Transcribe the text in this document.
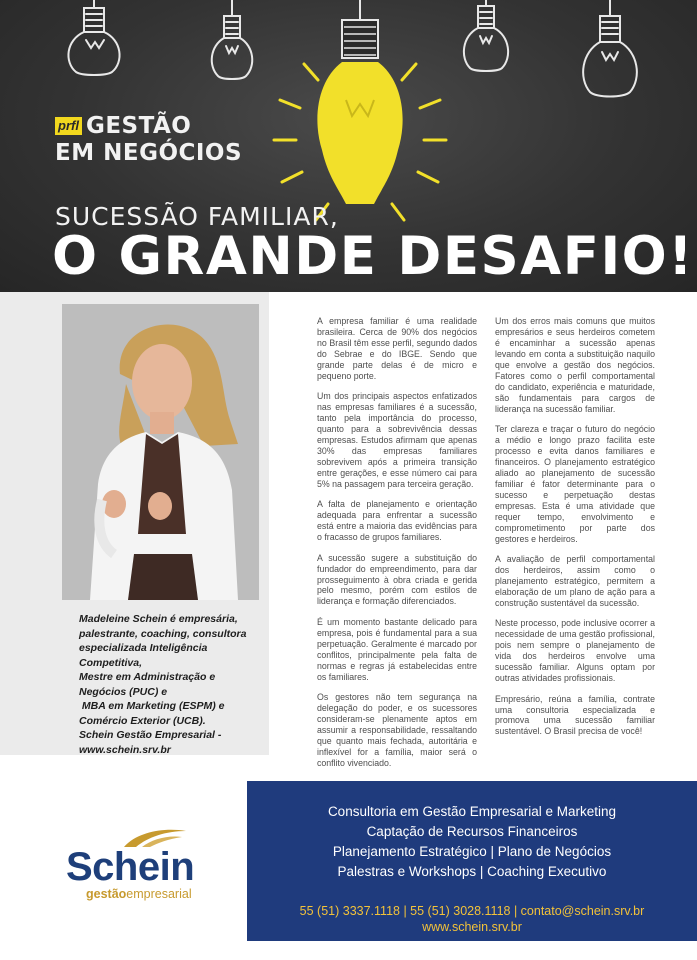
prfl GESTÃO
EM NEGÓCIOS
SUCESSÃO FAMILIAR,
O GRANDE DESAFIO!
Madeleine Schein é empresária,
palestrante, coaching, consultora
especializada Inteligência
Competitiva,
Mestre em Administração e
Negócios (PUC) e
MBA em Marketing (ESPM) e
Comércio Exterior (UCB).
Schein Gestão Empresarial -
www.schein.srv.br

A empresa familiar é uma realidade brasileira. Cerca de 90% dos negócios no Brasil têm esse perfil, segundo dados do Sebrae e do IBGE. Sendo que grande parte delas é de micro e pequeno porte.

Um dos principais aspectos enfatizados nas empresas familiares é a sucessão, tanto pela importância do processo, quanto para a sobrevivência dessas empresas. Estudos afirmam que apenas 30% das empresas familiares sobrevivem após a primeira transição entre gerações, e esse número cai para 5% na passagem para terceira geração.

A falta de planejamento e orientação adequada para enfrentar a sucessão está entre a maioria das evidências para o fracasso de grupos familiares.

A sucessão sugere a substituição do fundador do empreendimento, para dar prosseguimento à obra criada e gerida pelo mesmo, porém com estilos de liderança e formação diferenciados.

É um momento bastante delicado para empresa, pois é fundamental para a sua perpetuação. Geralmente é marcado por conflitos, principalmente pela falta de normas e regras já estabelecidas entre os familiares.

Os gestores não tem segurança na delegação do poder, e os sucessores consideram-se plenamente aptos em assumir a responsabilidade, ressaltando que quanto mais fechada, autoritária e inflexível for a família, maior será o conflito vivenciado.

Um dos erros mais comuns que muitos empresários e seus herdeiros cometem é encaminhar a sucessão apenas levando em conta a substituição naquilo que envolve a gestão dos negócios. Fatores como o perfil comportamental do candidato, experiência e maturidade, são fundamentais para cargos de liderança na sucessão familiar.

Ter clareza e traçar o futuro do negócio a médio e longo prazo facilita este processo e evita danos familiares e financeiros. O planejamento estratégico aliado ao planejamento de sucessão familiar é fator determinante para o sucesso e perpetuação destas empresas. Esta é uma atividade que requer tempo, envolvimento e comprometimento por parte dos gestores e herdeiros.

A avaliação de perfil comportamental dos herdeiros, assim como o planejamento estratégico, permitem a elaboração de um plano de ação para a construção sustentável da sucessão.

Neste processo, pode inclusive ocorrer a necessidade de uma gestão profissional, pois nem sempre o planejamento de vida dos herdeiros envolve uma sucessão familiar. Alguns optam por outras atividades profissionais.

Empresário, reúna a família, contrate uma consultoria especializada e promova uma sucessão familiar sustentável. O Brasil precisa de você!

Schein
gestãoempresarial
Consultoria em Gestão Empresarial e Marketing
Captação de Recursos Financeiros
Planejamento Estratégico | Plano de Negócios
Palestras e Workshops | Coaching Executivo
55 (51) 3337.1118 | 55 (51) 3028.1118 | contato@schein.srv.br
www.schein.srv.br
